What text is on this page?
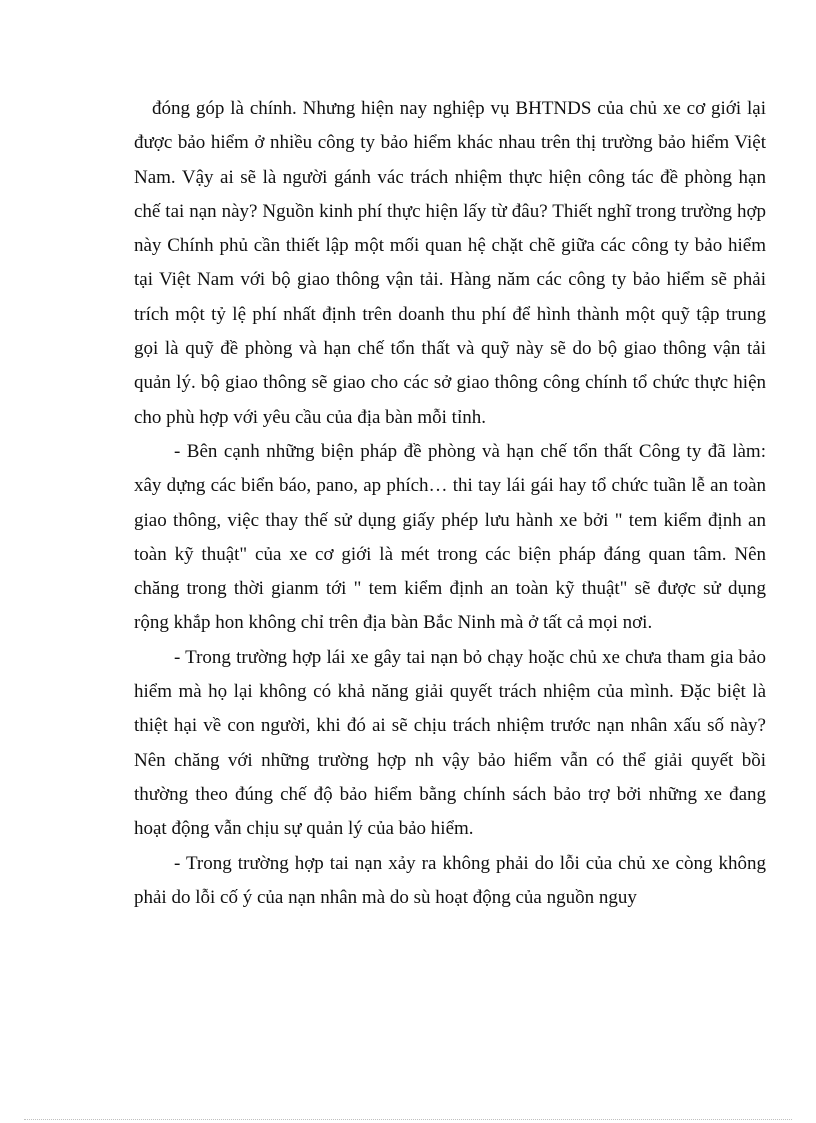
đóng góp là chính. Nhưng hiện nay nghiệp vụ BHTNDS của chủ xe cơ giới lại được bảo hiểm ở nhiều công ty bảo hiểm khác nhau trên thị trường bảo hiểm Việt Nam. Vậy ai sẽ là người gánh vác trách nhiệm thực hiện công tác đề phòng hạn chế tai nạn này? Nguồn kinh phí thực hiện lấy từ đâu? Thiết nghĩ trong trường hợp này Chính phủ cần thiết lập một mối quan hệ chặt chẽ giữa các công ty bảo hiểm tại Việt Nam với bộ giao thông vận tải. Hàng năm các công ty bảo hiểm sẽ phải trích một tỷ lệ phí nhất định trên doanh thu phí để hình thành một quỹ tập trung gọi là quỹ đề phòng và hạn chế tổn thất và quỹ này sẽ do bộ giao thông vận tải quản lý. bộ giao thông sẽ giao cho các sở giao thông công chính tổ chức thực hiện cho phù hợp với yêu cầu của địa bàn mỗi tỉnh.

- Bên cạnh những biện pháp đề phòng và hạn chế tổn thất Công ty đã làm: xây dựng các biển báo, pano, ap phích… thi tay lái gái hay tổ chức tuần lễ an toàn giao thông, việc thay thế sử dụng giấy phép lưu hành xe bởi " tem kiểm định an toàn kỹ thuật" của xe cơ giới là mét trong các biện pháp đáng quan tâm. Nên chăng trong thời gianm tới " tem kiểm định an toàn kỹ thuật" sẽ được sử dụng rộng khắp hon không chỉ trên địa bàn Bắc Ninh mà ở tất cả mọi nơi.

- Trong trường hợp lái xe gây tai nạn bỏ chạy hoặc chủ xe chưa tham gia bảo hiểm mà họ lại không có khả năng giải quyết trách nhiệm của mình. Đặc biệt là thiệt hại về con người, khi đó ai sẽ chịu trách nhiệm trước nạn nhân xấu số này? Nên chăng với những trường hợp nh vậy bảo hiểm vẫn có thể giải quyết bồi thường theo đúng chế độ bảo hiểm bằng chính sách bảo trợ bởi những xe đang hoạt động vẫn chịu sự quản lý của bảo hiểm.

- Trong trường hợp tai nạn xảy ra không phải do lỗi của chủ xe còng không phải do lỗi cố ý của nạn nhân mà do sù hoạt động của nguồn nguy
